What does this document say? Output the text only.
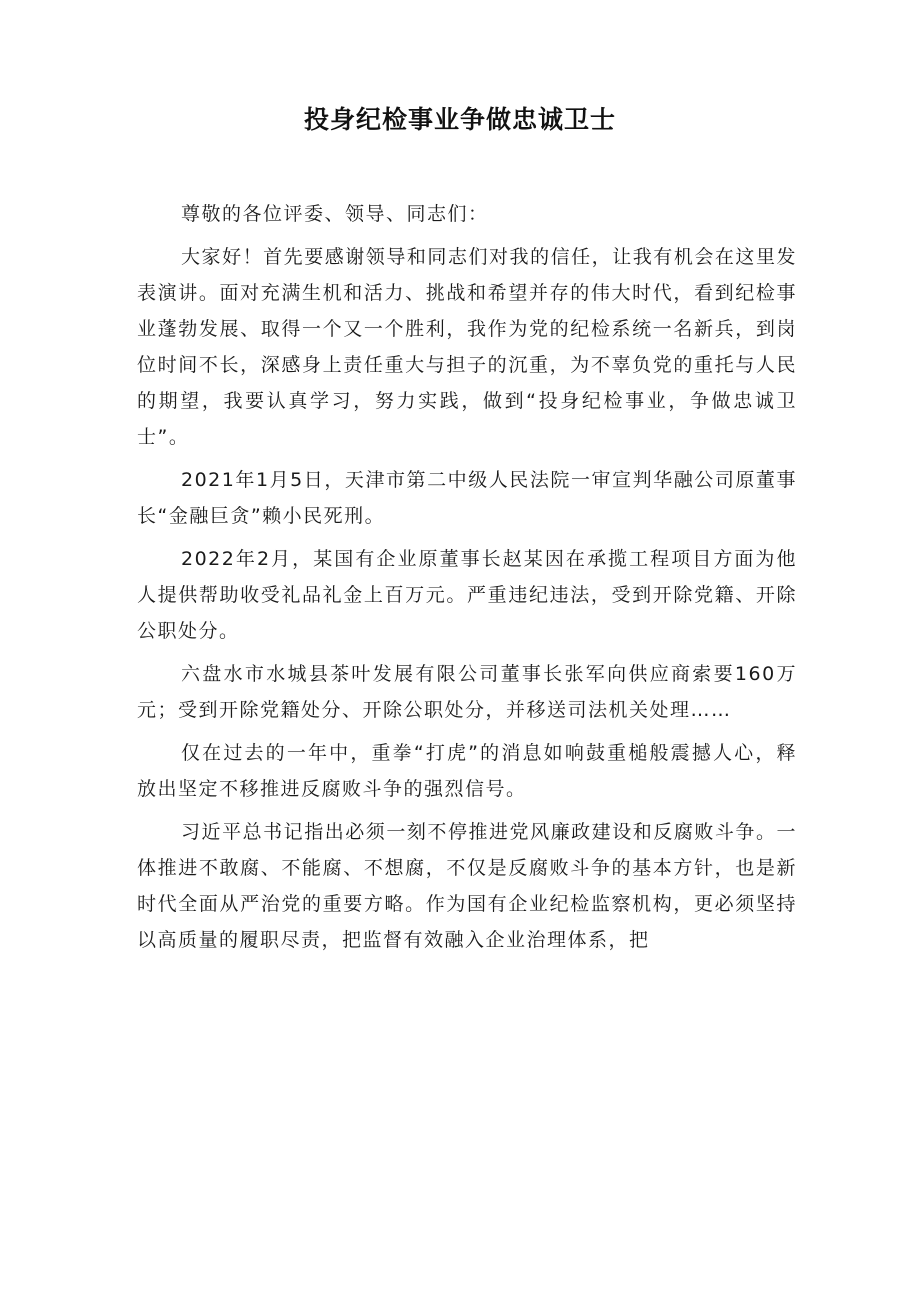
投身纪检事业争做忠诚卫士

尊敬的各位评委、领导、同志们：

大家好！首先要感谢领导和同志们对我的信任，让我有机会在这里发表演讲。面对充满生机和活力、挑战和希望并存的伟大时代，看到纪检事业蓬勃发展、取得一个又一个胜利，我作为党的纪检系统一名新兵，到岗位时间不长，深感身上责任重大与担子的沉重，为不辜负党的重托与人民的期望，我要认真学习，努力实践，做到“投身纪检事业，争做忠诚卫士”。

2021年1月5日，天津市第二中级人民法院一审宣判华融公司原董事长“金融巨贪”赖小民死刑。

2022年2月，某国有企业原董事长赵某因在承揽工程项目方面为他人提供帮助收受礼品礼金上百万元。严重违纪违法，受到开除党籍、开除公职处分。

六盘水市水城县茶叶发展有限公司董事长张军向供应商索要160万元；受到开除党籍处分、开除公职处分，并移送司法机关处理……

仅在过去的一年中，重拳“打虎”的消息如响鼓重槌般震撼人心，释放出坚定不移推进反腐败斗争的强烈信号。

习近平总书记指出必须一刻不停推进党风廉政建设和反腐败斗争。一体推进不敢腐、不能腐、不想腐，不仅是反腐败斗争的基本方针，也是新时代全面从严治党的重要方略。作为国有企业纪检监察机构，更必须坚持以高质量的履职尽责，把监督有效融入企业治理体系，把
